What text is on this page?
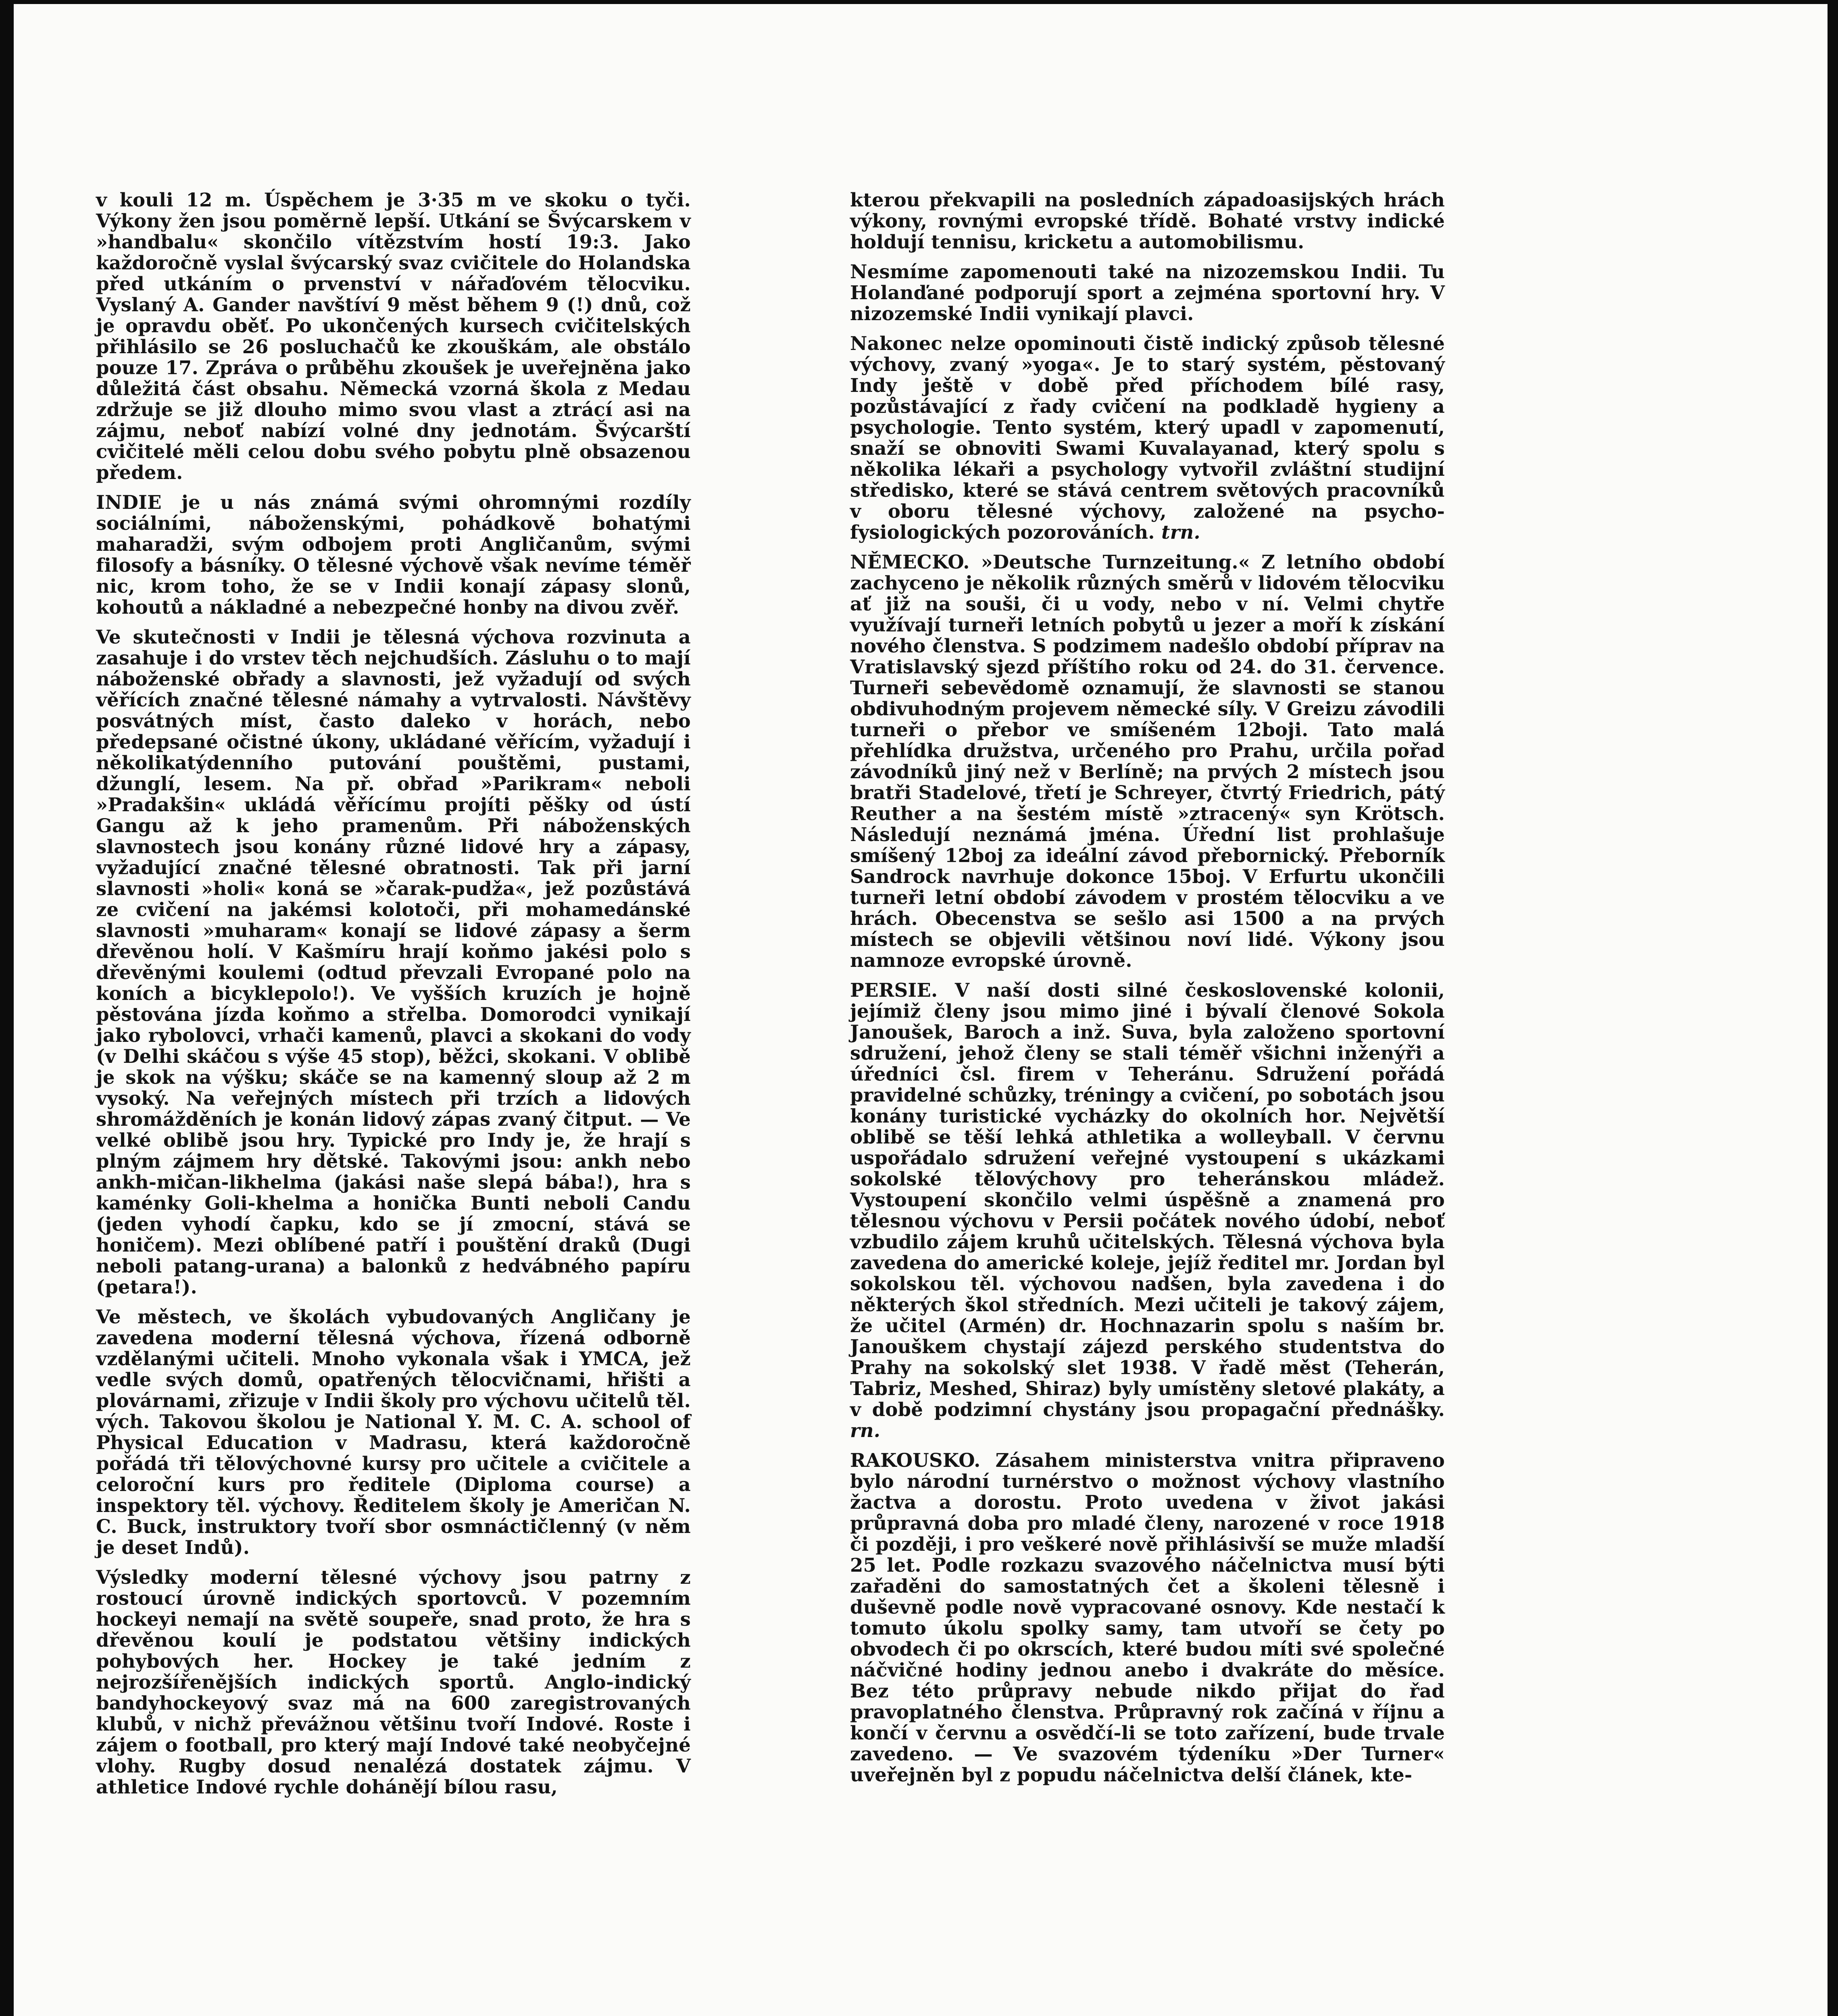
v kouli 12 m. Úspěchem je 3·35 m ve skoku o tyči. Výkony žen jsou poměrně lepší. Utkání se Švýcarskem v »handbalu« skončilo vítězstvím hostí 19:3. Jako každoročně vyslal švýcarský svaz cvičitele do Holandska před utkáním o prvenství v nářaďovém tělocviku. Vyslaný A. Gander navštíví 9 měst během 9 (!) dnů, což je opravdu oběť. Po ukončených kursech cvičitelských přihlásilo se 26 posluchačů ke zkouškám, ale obstálo pouze 17. Zpráva o průběhu zkoušek je uveřejněna jako důležitá část obsahu. Německá vzorná škola z Medau zdržuje se již dlouho mimo svou vlast a ztrácí asi na zájmu, neboť nabízí volné dny jednotám. Švýcarští cvičitelé měli celou dobu svého pobytu plně obsazenou předem.

INDIE je u nás známá svými ohromnými rozdíly sociálními, náboženskými, pohádkově bohatými maharadži, svým odbojem proti Angličanům, svými filosofy a básníky. O tělesné výchově však nevíme téměř nic, krom toho, že se v Indii konají zápasy slonů, kohoutů a nákladné a nebezpečné honby na divou zvěř.

Ve skutečnosti v Indii je tělesná výchova rozvinuta a zasahuje i do vrstev těch nejchudších. Zásluhu o to mají náboženské obřady a slavnosti, jež vyžadují od svých věřících značné tělesné námahy a vytrvalosti. Návštěvy posvátných míst, často daleko v horách, nebo předepsané očistné úkony, ukládané věřícím, vyžadují i několikatýdenního putování pouštěmi, pustami, džunglí, lesem. Na př. obřad »Parikram« neboli »Pradakšin« ukládá věřícímu projíti pěšky od ústí Gangu až k jeho pramenům. Při náboženských slavnostech jsou konány různé lidové hry a zápasy, vyžadující značné tělesné obratnosti. Tak při jarní slavnosti »holi« koná se »čarak-pudža«, jež pozůstává ze cvičení na jakémsi kolotoči, při mohamedánské slavnosti »muharam« konají se lidové zápasy a šerm dřevěnou holí. V Kašmíru hrají koňmo jakési polo s dřevěnými koulemi (odtud převzali Evropané polo na koních a bicyklepolo!). Ve vyšších kruzích je hojně pěstována jízda koňmo a střelba. Domorodci vynikají jako rybolovci, vrhači kamenů, plavci a skokani do vody (v Delhi skáčou s výše 45 stop), běžci, skokani. V oblibě je skok na výšku; skáče se na kamenný sloup až 2 m vysoký. Na veřejných místech při trzích a lidových shromážděních je konán lidový zápas zvaný čitput. — Ve velké oblibě jsou hry. Typické pro Indy je, že hrají s plným zájmem hry dětské. Takovými jsou: ankh nebo ankh-mičan-likhelma (jakási naše slepá bába!), hra s kaménky Goli-khelma a honička Bunti neboli Candu (jeden vyhodí čapku, kdo se jí zmocní, stává se honičem). Mezi oblíbené patří i pouštění draků (Dugi neboli patang-urana) a balonků z hedvábného papíru (petara!).

Ve městech, ve školách vybudovaných Angličany je zavedena moderní tělesná výchova, řízená odborně vzdělanými učiteli. Mnoho vykonala však i YMCA, jež vedle svých domů, opatřených tělocvičnami, hřišti a plovárnami, zřizuje v Indii školy pro výchovu učitelů těl. vých. Takovou školou je National Y. M. C. A. school of Physical Education v Madrasu, která každoročně pořádá tři tělovýchovné kursy pro učitele a cvičitele a celoroční kurs pro ředitele (Diploma course) a inspektory těl. výchovy. Ředitelem školy je Američan N. C. Buck, instruktory tvoří sbor osmnáctičlenný (v něm je deset Indů).

Výsledky moderní tělesné výchovy jsou patrny z rostoucí úrovně indických sportovců. V pozemním hockeyi nemají na světě soupeře, snad proto, že hra s dřevěnou koulí je podstatou většiny indických pohybových her. Hockey je také jedním z nejrozšířenějších indických sportů. Anglo-indický bandyhockeyový svaz má na 600 zaregistrovaných klubů, v nichž převážnou většinu tvoří Indové. Roste i zájem o football, pro který mají Indové také neobyčejné vlohy. Rugby dosud nenalézá dostatek zájmu. V athletice Indové rychle dohánějí bílou rasu,

kterou překvapili na posledních západoasijských hrách výkony, rovnými evropské třídě. Bohaté vrstvy indické holdují tennisu, kricketu a automobilismu.

Nesmíme zapomenouti také na nizozemskou Indii. Tu Holanďané podporují sport a zejména sportovní hry. V nizozemské Indii vynikají plavci.

Nakonec nelze opominouti čistě indický způsob tělesné výchovy, zvaný »yoga«. Je to starý systém, pěstovaný Indy ještě v době před příchodem bílé rasy, pozůstávající z řady cvičení na podkladě hygieny a psychologie. Tento systém, který upadl v zapomenutí, snaží se obnoviti Swami Kuvalayanad, který spolu s několika lékaři a psychology vytvořil zvláštní studijní středisko, které se stává centrem světových pracovníků v oboru tělesné výchovy, založené na psycho-fysiologických pozorováních. trn.

NĚMECKO. »Deutsche Turnzeitung.« Z letního období zachyceno je několik různých směrů v lidovém tělocviku ať již na souši, či u vody, nebo v ní. Velmi chytře využívají turneři letních pobytů u jezer a moří k získání nového členstva. S podzimem nadešlo období příprav na Vratislavský sjezd příštího roku od 24. do 31. července. Turneři sebevědomě oznamují, že slavnosti se stanou obdivuhodným projevem německé síly. V Greizu závodili turneři o přebor ve smíšeném 12boji. Tato malá přehlídka družstva, určeného pro Prahu, určila pořad závodníků jiný než v Berlíně; na prvých 2 místech jsou bratři Stadelové, třetí je Schreyer, čtvrtý Friedrich, pátý Reuther a na šestém místě »ztracený« syn Krötsch. Následují neznámá jména. Úřední list prohlašuje smíšený 12boj za ideální závod přebornický. Přeborník Sandrock navrhuje dokonce 15boj. V Erfurtu ukončili turneři letní období závodem v prostém tělocviku a ve hrách. Obecenstva se sešlo asi 1500 a na prvých místech se objevili většinou noví lidé. Výkony jsou namnoze evropské úrovně.

PERSIE. V naší dosti silné československé kolonii, jejímiž členy jsou mimo jiné i bývalí členové Sokola Janoušek, Baroch a inž. Suva, byla založeno sportovní sdružení, jehož členy se stali téměř všichni inženýři a úředníci čsl. firem v Teheránu. Sdružení pořádá pravidelné schůzky, tréningy a cvičení, po sobotách jsou konány turistické vycházky do okolních hor. Největší oblibě se těší lehká athletika a wolleyball. V červnu uspořádalo sdružení veřejné vystoupení s ukázkami sokolské tělovýchovy pro teheránskou mládež. Vystoupení skončilo velmi úspěšně a znamená pro tělesnou výchovu v Persii počátek nového údobí, neboť vzbudilo zájem kruhů učitelských. Tělesná výchova byla zavedena do americké koleje, jejíž ředitel mr. Jordan byl sokolskou těl. výchovou nadšen, byla zavedena i do některých škol středních. Mezi učiteli je takový zájem, že učitel (Armén) dr. Hochnazarin spolu s naším br. Janouškem chystají zájezd perského studentstva do Prahy na sokolský slet 1938. V řadě měst (Teherán, Tabriz, Meshed, Shiraz) byly umístěny sletové plakáty, a v době podzimní chystány jsou propagační přednášky. rn.

RAKOUSKO. Zásahem ministerstva vnitra připraveno bylo národní turnérstvo o možnost výchovy vlastního žactva a dorostu. Proto uvedena v život jakási průpravná doba pro mladé členy, narozené v roce 1918 či později, i pro veškeré nově přihlásivší se muže mladší 25 let. Podle rozkazu svazového náčelnictva musí býti zařaděni do samostatných čet a školeni tělesně i duševně podle nově vypracované osnovy. Kde nestačí k tomuto úkolu spolky samy, tam utvoří se čety po obvodech či po okrscích, které budou míti své společné náčvičné hodiny jednou anebo i dvakráte do měsíce. Bez této průpravy nebude nikdo přijat do řad pravoplatného členstva. Průpravný rok začíná v říjnu a končí v červnu a osvědčí-li se toto zařízení, bude trvale zavedeno. — Ve svazovém týdeníku »Der Turner« uveřejněn byl z popudu náčelnictva delší článek, kte-
